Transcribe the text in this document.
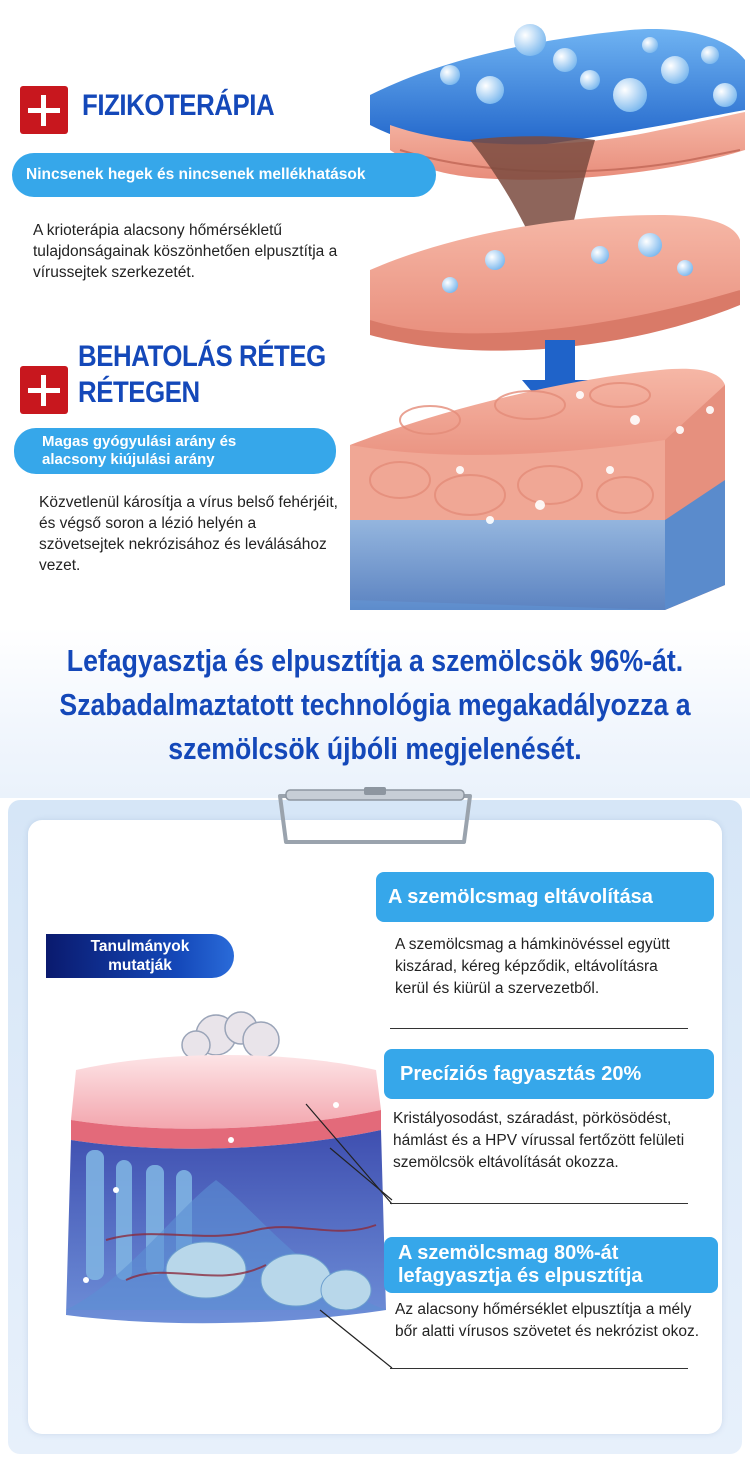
FIZIKOTERÁPIA
Nincsenek hegek és nincsenek mellékhatások
A krioterápia alacsony hőmérsékletű tulajdonságainak köszönhetően elpusztítja a vírussejtek szerkezetét.
BEHATOLÁS RÉTEG
RÉTEGEN
Magas gyógyulási arány és
alacsony kiújulási arány
Közvetlenül károsítja a vírus belső fehérjéit, és végső soron a lézió helyén a szövetsejtek nekrózisához és leválásához vezet.
Lefagyasztja és elpusztítja a szemölcsök 96%-át.
Szabadalmaztatott technológia megakadályozza a
szemölcsök újbóli megjelenését.
Tanulmányok
mutatják
A szemölcsmag eltávolítása
A szemölcsmag a hámkinövéssel együtt kiszárad, kéreg képződik, eltávolításra kerül és kiürül a szervezetből.
Precíziós fagyasztás 20%
Kristályosodást, száradást, pörkösödést, hámlást és a HPV vírussal fertőzött felületi szemölcsök eltávolítását okozza.
A szemölcsmag 80%-át
lefagyasztja és elpusztítja
Az alacsony hőmérséklet elpusztítja a mély bőr alatti vírusos szövetet és nekrózist okoz.
